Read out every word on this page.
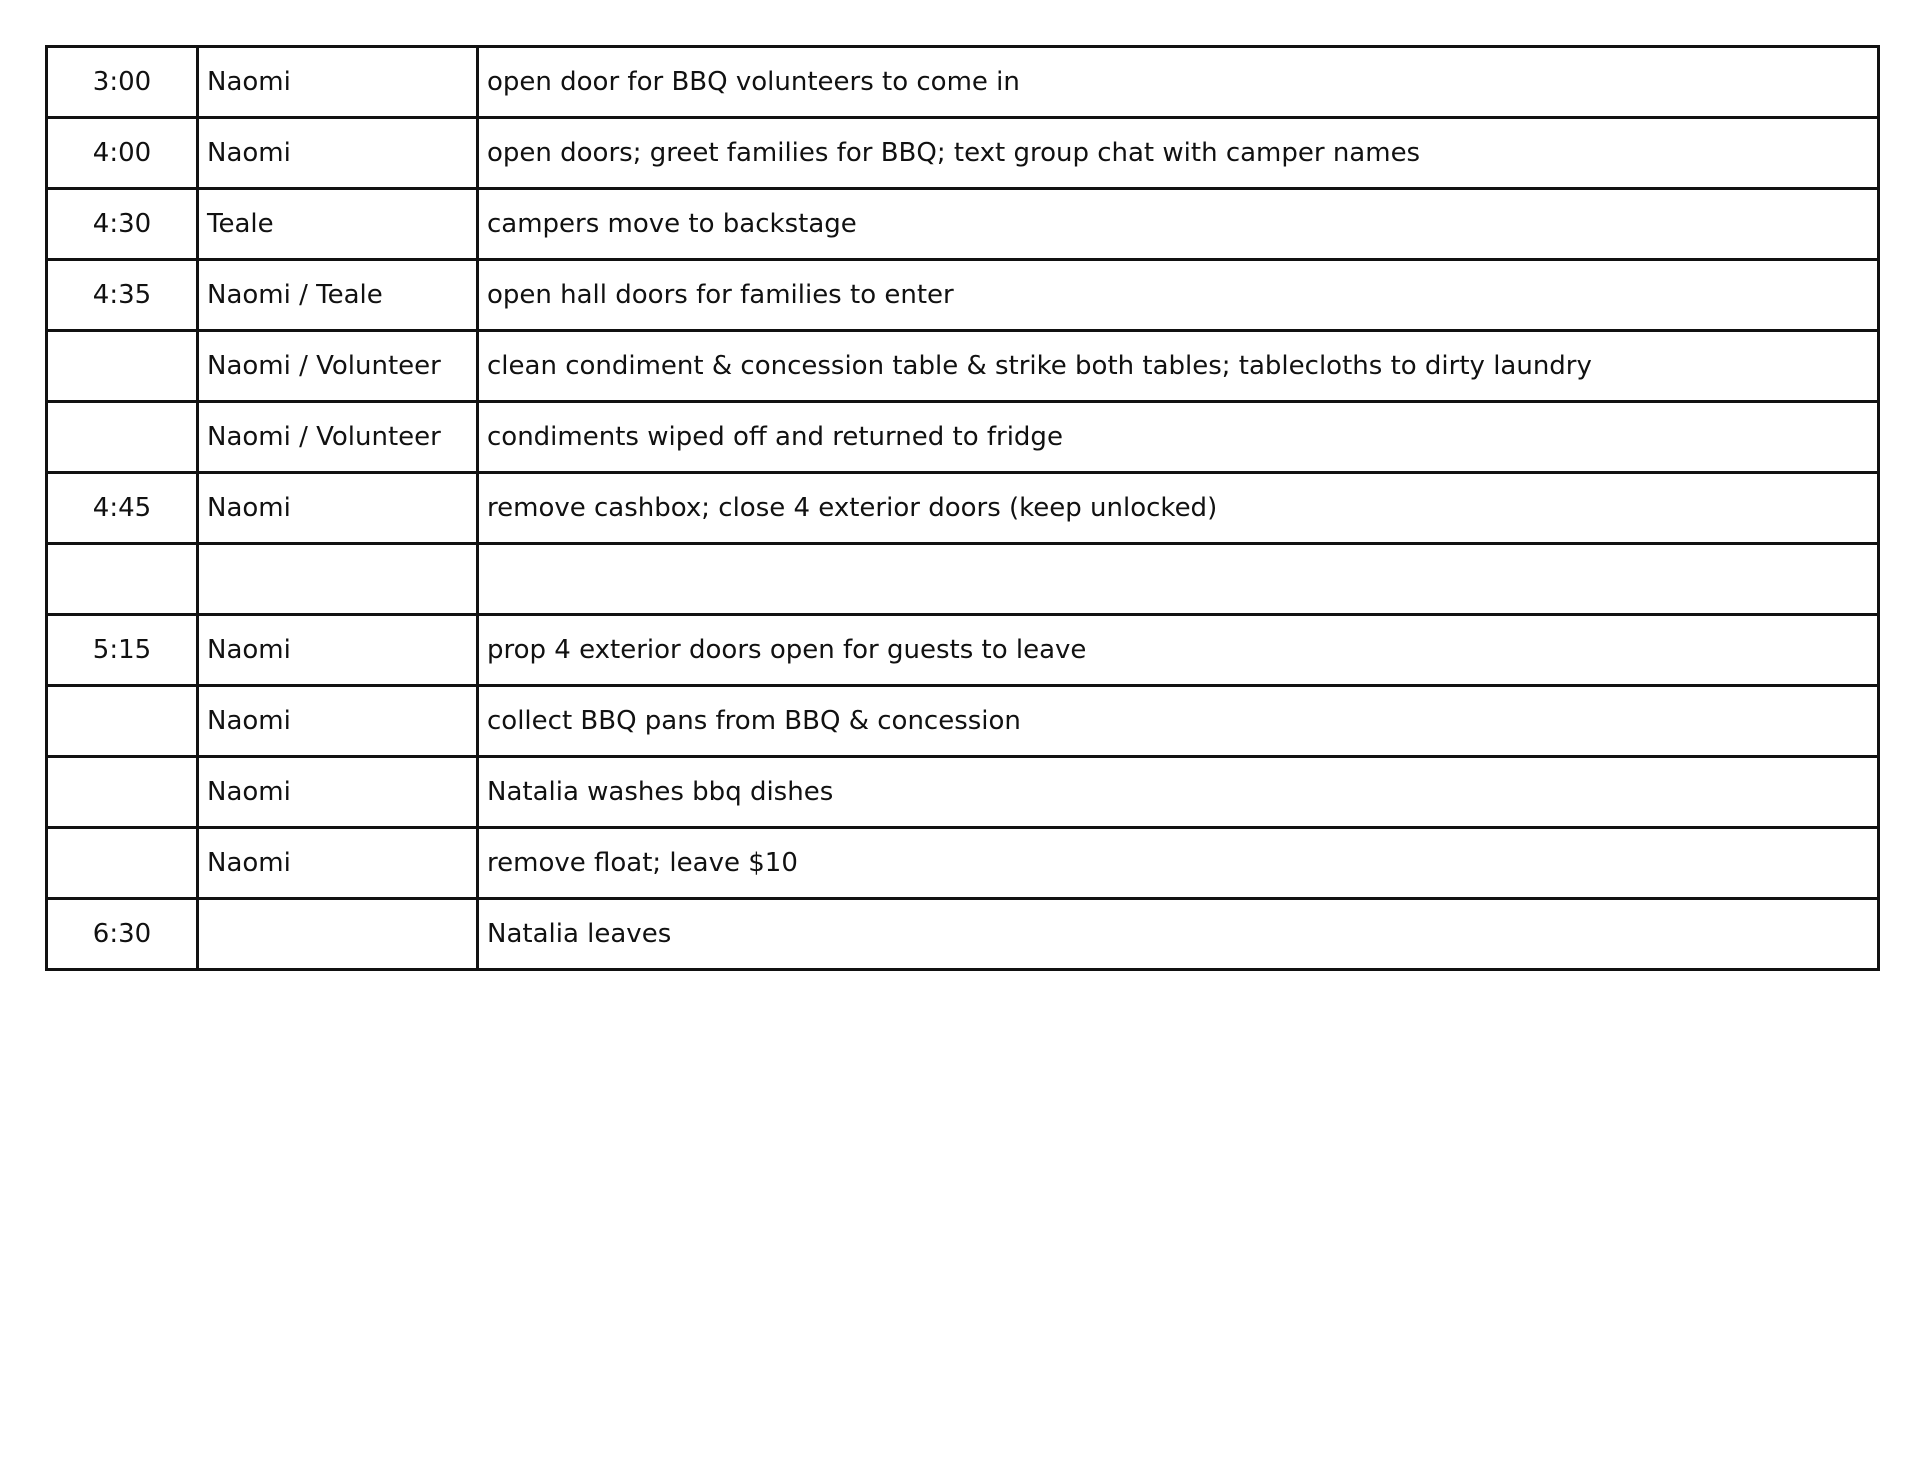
3:00	Naomi	open door for BBQ volunteers to come in
4:00	Naomi	open doors; greet families for BBQ; text group chat with camper names
4:30	Teale	campers move to backstage
4:35	Naomi / Teale	open hall doors for families to enter
	Naomi / Volunteer	clean condiment & concession table & strike both tables; tablecloths to dirty laundry
	Naomi / Volunteer	condiments wiped off and returned to fridge
4:45	Naomi	remove cashbox; close 4 exterior doors (keep unlocked)

5:15	Naomi	prop 4 exterior doors open for guests to leave
	Naomi	collect BBQ pans from BBQ & concession
	Naomi	Natalia washes bbq dishes
	Naomi	remove float; leave $10
6:30		Natalia leaves
